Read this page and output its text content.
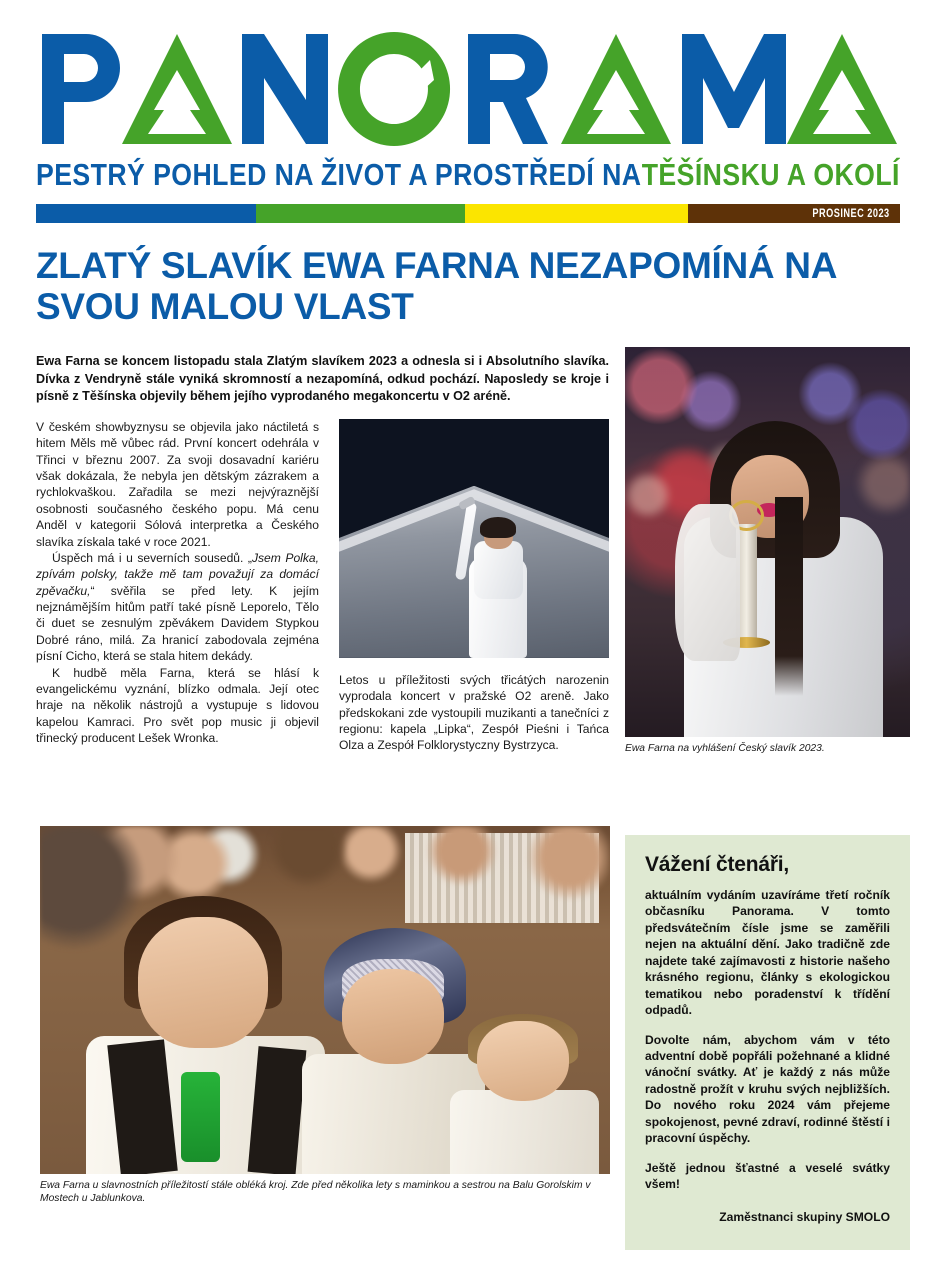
PESTRÝ POHLED NA ŽIVOT A PROSTŘEDÍ NA TĚŠÍNSKU A OKOLÍ
PROSINEC 2023
ZLATÝ SLAVÍK EWA FARNA NEZAPOMÍNÁ NA SVOU MALOU VLAST

Ewa Farna se koncem listopadu stala Zlatým slavíkem 2023 a odnesla si i Absolutního slavíka. Dívka z Vendryně stále vyniká skromností a nezapomíná, odkud pochází. Naposledy se kroje i písně z Těšínska objevily během jejího vyprodaného megakoncertu v O2 aréně.

V českém showbyznysu se objevila jako náctiletá s hitem Měls mě vůbec rád. První koncert odehrála v Třinci v březnu 2007. Za svoji dosavadní kariéru však dokázala, že nebyla jen dětským zázrakem a rychlokvaškou. Zařadila se mezi nejvýraznější osobnosti současného českého popu. Má cenu Anděl v kategorii Sólová interpretka a Českého slavíka získala také v roce 2021.

Úspěch má i u severních sousedů. „Jsem Polka, zpívám polsky, takže mě tam považují za domácí zpěvačku,“ svěřila se před lety. K jejím nejznámějším hitům patří také písně Leporelo, Tělo či duet se zesnulým zpěvákem Davidem Stypkou Dobré ráno, milá. Za hranicí zabodovala zejména písní Cicho, která se stala hitem dekády.

K hudbě měla Farna, která se hlásí k evangelickému vyznání, blízko odmala. Její otec hraje na několik nástrojů a vystupuje s lidovou kapelou Kamraci. Pro svět pop music ji objevil třinecký producent Lešek Wronka.

Letos u příležitosti svých třicátých narozenin vyprodala koncert v pražské O2 areně. Jako předskokani zde vystoupili muzikanti a tanečníci z regionu: kapela „Lipka“, Zespół Pieśni i Tańca Olza a Zespół Folklorystyczny Bystrzyca.	Ewa Farna na vyhlášení Český slavík 2023.

Ewa Farna u slavnostních příležitostí stále obléká kroj. Zde před několika lety s maminkou a sestrou na Balu Gorolskim v Mostech u Jablunkova.

Vážení čtenáři,

aktuálním vydáním uzavíráme třetí ročník občasníku Panorama. V tomto předsvátečním čísle jsme se zaměřili nejen na aktuální dění. Jako tradičně zde najdete také zajímavosti z historie našeho krásného regionu, články s ekologickou tematikou nebo poradenství k třídění odpadů.

Dovolte nám, abychom vám v této adventní době popřáli požehnané a klidné vánoční svátky. Ať je každý z nás může radostně prožít v kruhu svých nejbližších. Do nového roku 2024 vám přejeme spokojenost, pevné zdraví, rodinné štěstí i pracovní úspěchy.

Ještě jednou šťastné a veselé svátky všem!

Zaměstnanci skupiny SMOLO
